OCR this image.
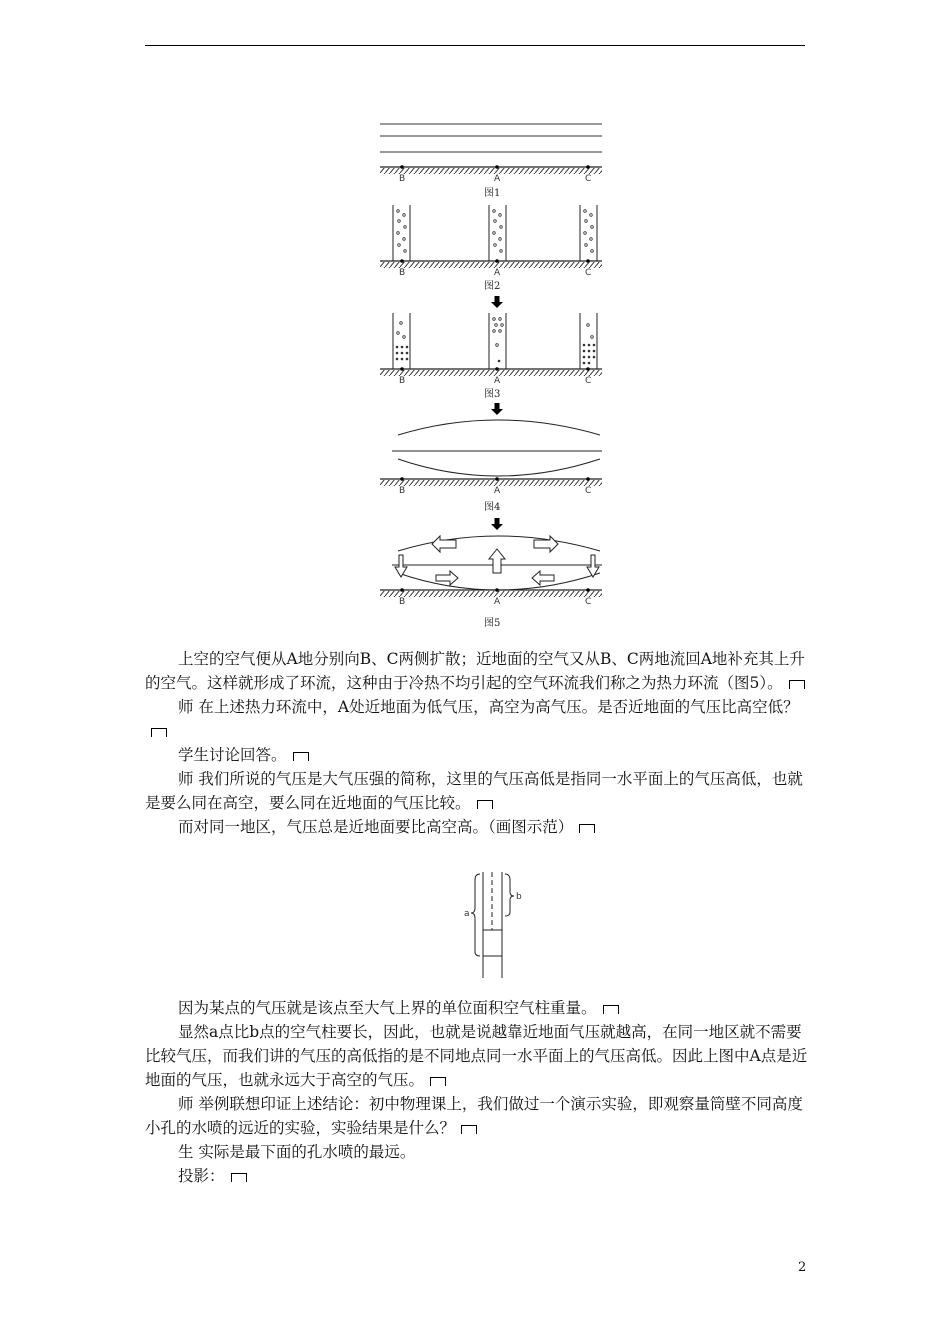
B	A	C
图1
B	A	C
图2
B	A	C
图3
B	A	C
图4
B	A	C
图5

上空的空气便从A地分别向B、C两侧扩散；近地面的空气又从B、C两地流回A地补充其上升的空气。这样就形成了环流，这种由于冷热不均引起的空气环流我们称之为热力环流（图5）。

师 在上述热力环流中，A处近地面为低气压，高空为高气压。是否近地面的气压比高空低？

学生讨论回答。

师 我们所说的气压是大气压强的简称，这里的气压高低是指同一水平面上的气压高低，也就是要么同在高空，要么同在近地面的气压比较。

而对同一地区，气压总是近地面要比高空高。（画图示范）

a
b

因为某点的气压就是该点至大气上界的单位面积空气柱重量。

显然a点比b点的空气柱要长，因此，也就是说越靠近地面气压就越高，在同一地区就不需要比较气压，而我们讲的气压的高低指的是不同地点同一水平面上的气压高低。因此上图中A点是近地面的气压，也就永远大于高空的气压。

师 举例联想印证上述结论：初中物理课上，我们做过一个演示实验，即观察量筒壁不同高度小孔的水喷的远近的实验，实验结果是什么？

生 实际是最下面的孔水喷的最远。

投影：

2
